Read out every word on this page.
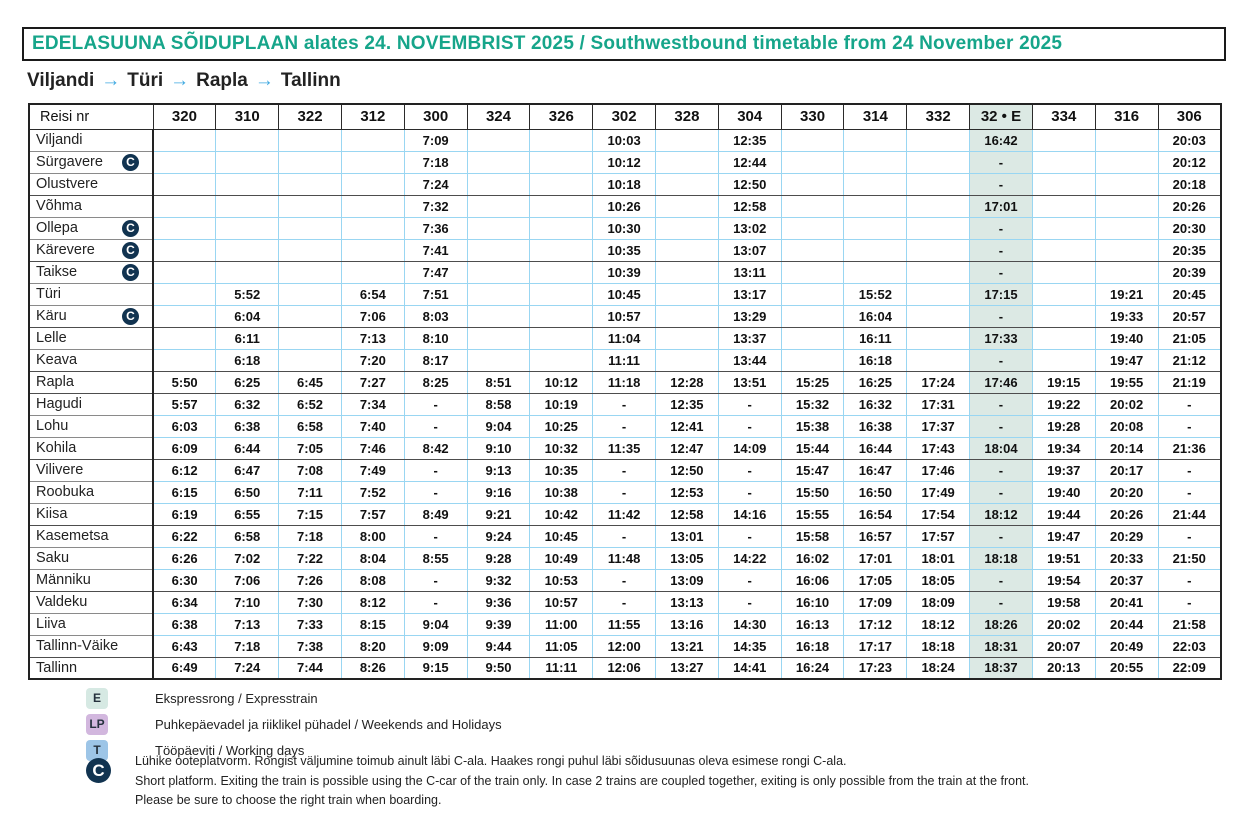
EDELASUUNA SÕIDUPLAAN alates 24. NOVEMBRIST 2025 / Southwestbound timetable from 24 November 2025
Viljandi → Türi → Rapla → Tallinn
Reisi nr	320	310	322	312	300	324	326	302	328	304	330	314	332	32 • E	334	316	306

Viljandi					7:09			10:03		12:35				16:42			20:03

Sürgavere C					7:18			10:12		12:44				-			20:12

Olustvere					7:24			10:18		12:50				-			20:18

Võhma					7:32			10:26		12:58				17:01			20:26

Ollepa C					7:36			10:30		13:02				-			20:30

Kärevere C					7:41			10:35		13:07				-			20:35

Taikse C					7:47			10:39		13:11				-			20:39

Türi		5:52		6:54	7:51			10:45		13:17		15:52		17:15		19:21	20:45

Käru C		6:04		7:06	8:03			10:57		13:29		16:04		-		19:33	20:57

Lelle		6:11		7:13	8:10			11:04		13:37		16:11		17:33		19:40	21:05

Keava		6:18		7:20	8:17			11:11		13:44		16:18		-		19:47	21:12

Rapla	5:50	6:25	6:45	7:27	8:25	8:51	10:12	11:18	12:28	13:51	15:25	16:25	17:24	17:46	19:15	19:55	21:19

Hagudi	5:57	6:32	6:52	7:34	-	8:58	10:19	-	12:35	-	15:32	16:32	17:31	-	19:22	20:02	-

Lohu	6:03	6:38	6:58	7:40	-	9:04	10:25	-	12:41	-	15:38	16:38	17:37	-	19:28	20:08	-

Kohila	6:09	6:44	7:05	7:46	8:42	9:10	10:32	11:35	12:47	14:09	15:44	16:44	17:43	18:04	19:34	20:14	21:36

Vilivere	6:12	6:47	7:08	7:49	-	9:13	10:35	-	12:50	-	15:47	16:47	17:46	-	19:37	20:17	-

Roobuka	6:15	6:50	7:11	7:52	-	9:16	10:38	-	12:53	-	15:50	16:50	17:49	-	19:40	20:20	-

Kiisa	6:19	6:55	7:15	7:57	8:49	9:21	10:42	11:42	12:58	14:16	15:55	16:54	17:54	18:12	19:44	20:26	21:44

Kasemetsa	6:22	6:58	7:18	8:00	-	9:24	10:45	-	13:01	-	15:58	16:57	17:57	-	19:47	20:29	-

Saku	6:26	7:02	7:22	8:04	8:55	9:28	10:49	11:48	13:05	14:22	16:02	17:01	18:01	18:18	19:51	20:33	21:50

Männiku	6:30	7:06	7:26	8:08	-	9:32	10:53	-	13:09	-	16:06	17:05	18:05	-	19:54	20:37	-

Valdeku	6:34	7:10	7:30	8:12	-	9:36	10:57	-	13:13	-	16:10	17:09	18:09	-	19:58	20:41	-

Liiva	6:38	7:13	7:33	8:15	9:04	9:39	11:00	11:55	13:16	14:30	16:13	17:12	18:12	18:26	20:02	20:44	21:58

Tallinn-Väike	6:43	7:18	7:38	8:20	9:09	9:44	11:05	12:00	13:21	14:35	16:18	17:17	18:18	18:31	20:07	20:49	22:03

Tallinn	6:49	7:24	7:44	8:26	9:15	9:50	11:11	12:06	13:27	14:41	16:24	17:23	18:24	18:37	20:13	20:55	22:09
E	Ekspressrong / Expresstrain
LP	Puhkepäevadel ja riiklikel pühadel / Weekends and Holidays
T	Tööpäeviti / Working days
C	Lühike ooteplatvorm. Rongist väljumine toimub ainult läbi C-ala. Haakes rongi puhul läbi sõidusuunas oleva esimese rongi C-ala.
Short platform. Exiting the train is possible using the C-car of the train only. In case 2 trains are coupled together, exiting is only possible from the train at the front.
Please be sure to choose the right train when boarding.
